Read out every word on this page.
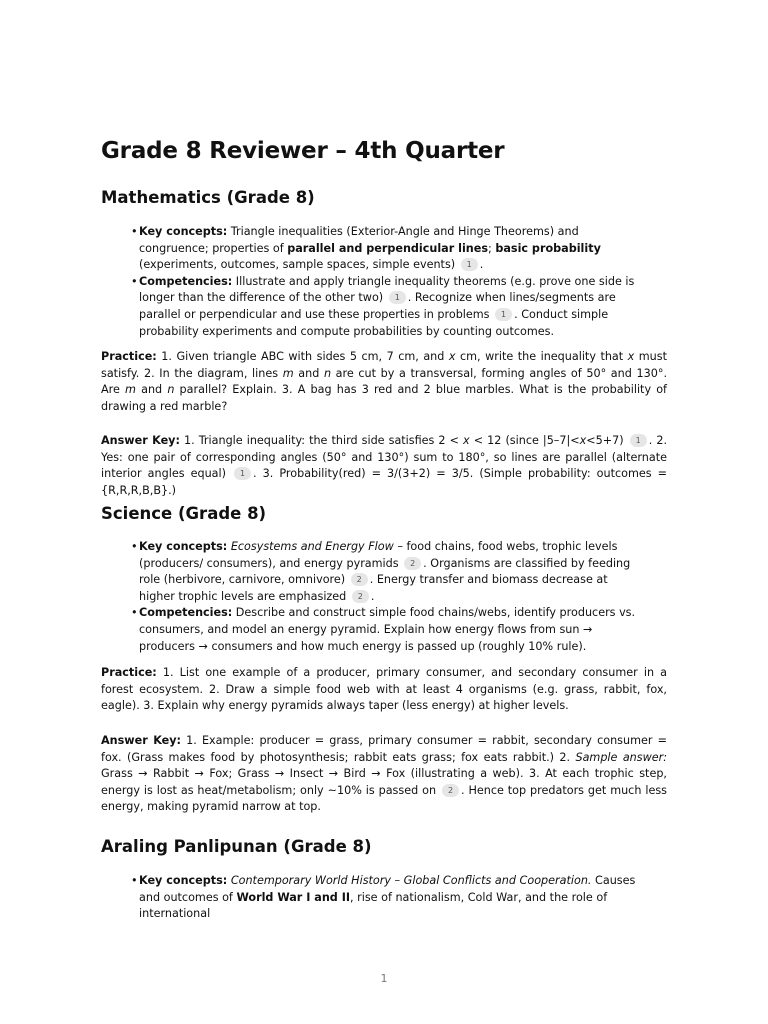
Grade 8 Reviewer – 4th Quarter
Mathematics (Grade 8)
• Key concepts: Triangle inequalities (Exterior-Angle and Hinge Theorems) and congruence; properties of parallel and perpendicular lines; basic probability (experiments, outcomes, sample spaces, simple events) 1 .
• Competencies: Illustrate and apply triangle inequality theorems (e.g. prove one side is longer than the difference of the other two) 1 . Recognize when lines/segments are parallel or perpendicular and use these properties in problems 1 . Conduct simple probability experiments and compute probabilities by counting outcomes.

Practice: 1. Given triangle ABC with sides 5 cm, 7 cm, and x cm, write the inequality that x must satisfy. 2. In the diagram, lines m and n are cut by a transversal, forming angles of 50° and 130°. Are m and n parallel? Explain. 3. A bag has 3 red and 2 blue marbles. What is the probability of drawing a red marble?

Answer Key: 1. Triangle inequality: the third side satisfies 2 < x < 12 (since |5–7|<x<5+7) 1 . 2. Yes: one pair of corresponding angles (50° and 130°) sum to 180°, so lines are parallel (alternate interior angles equal) 1 . 3. Probability(red) = 3/(3+2) = 3/5. (Simple probability: outcomes = {R,R,R,B,B}.)

Science (Grade 8)
• Key concepts: Ecosystems and Energy Flow – food chains, food webs, trophic levels (producers/ consumers), and energy pyramids 2 . Organisms are classified by feeding role (herbivore, carnivore, omnivore) 2 . Energy transfer and biomass decrease at higher trophic levels are emphasized 2 .
• Competencies: Describe and construct simple food chains/webs, identify producers vs. consumers, and model an energy pyramid. Explain how energy flows from sun → producers → consumers and how much energy is passed up (roughly 10% rule).

Practice: 1. List one example of a producer, primary consumer, and secondary consumer in a forest ecosystem. 2. Draw a simple food web with at least 4 organisms (e.g. grass, rabbit, fox, eagle). 3. Explain why energy pyramids always taper (less energy) at higher levels.

Answer Key: 1. Example: producer = grass, primary consumer = rabbit, secondary consumer = fox. (Grass makes food by photosynthesis; rabbit eats grass; fox eats rabbit.) 2. Sample answer: Grass → Rabbit → Fox; Grass → Insect → Bird → Fox (illustrating a web). 3. At each trophic step, energy is lost as heat/metabolism; only ~10% is passed on 2 . Hence top predators get much less energy, making pyramid narrow at top.

Araling Panlipunan (Grade 8)
• Key concepts: Contemporary World History – Global Conflicts and Cooperation. Causes and outcomes of World War I and II, rise of nationalism, Cold War, and the role of international
1
